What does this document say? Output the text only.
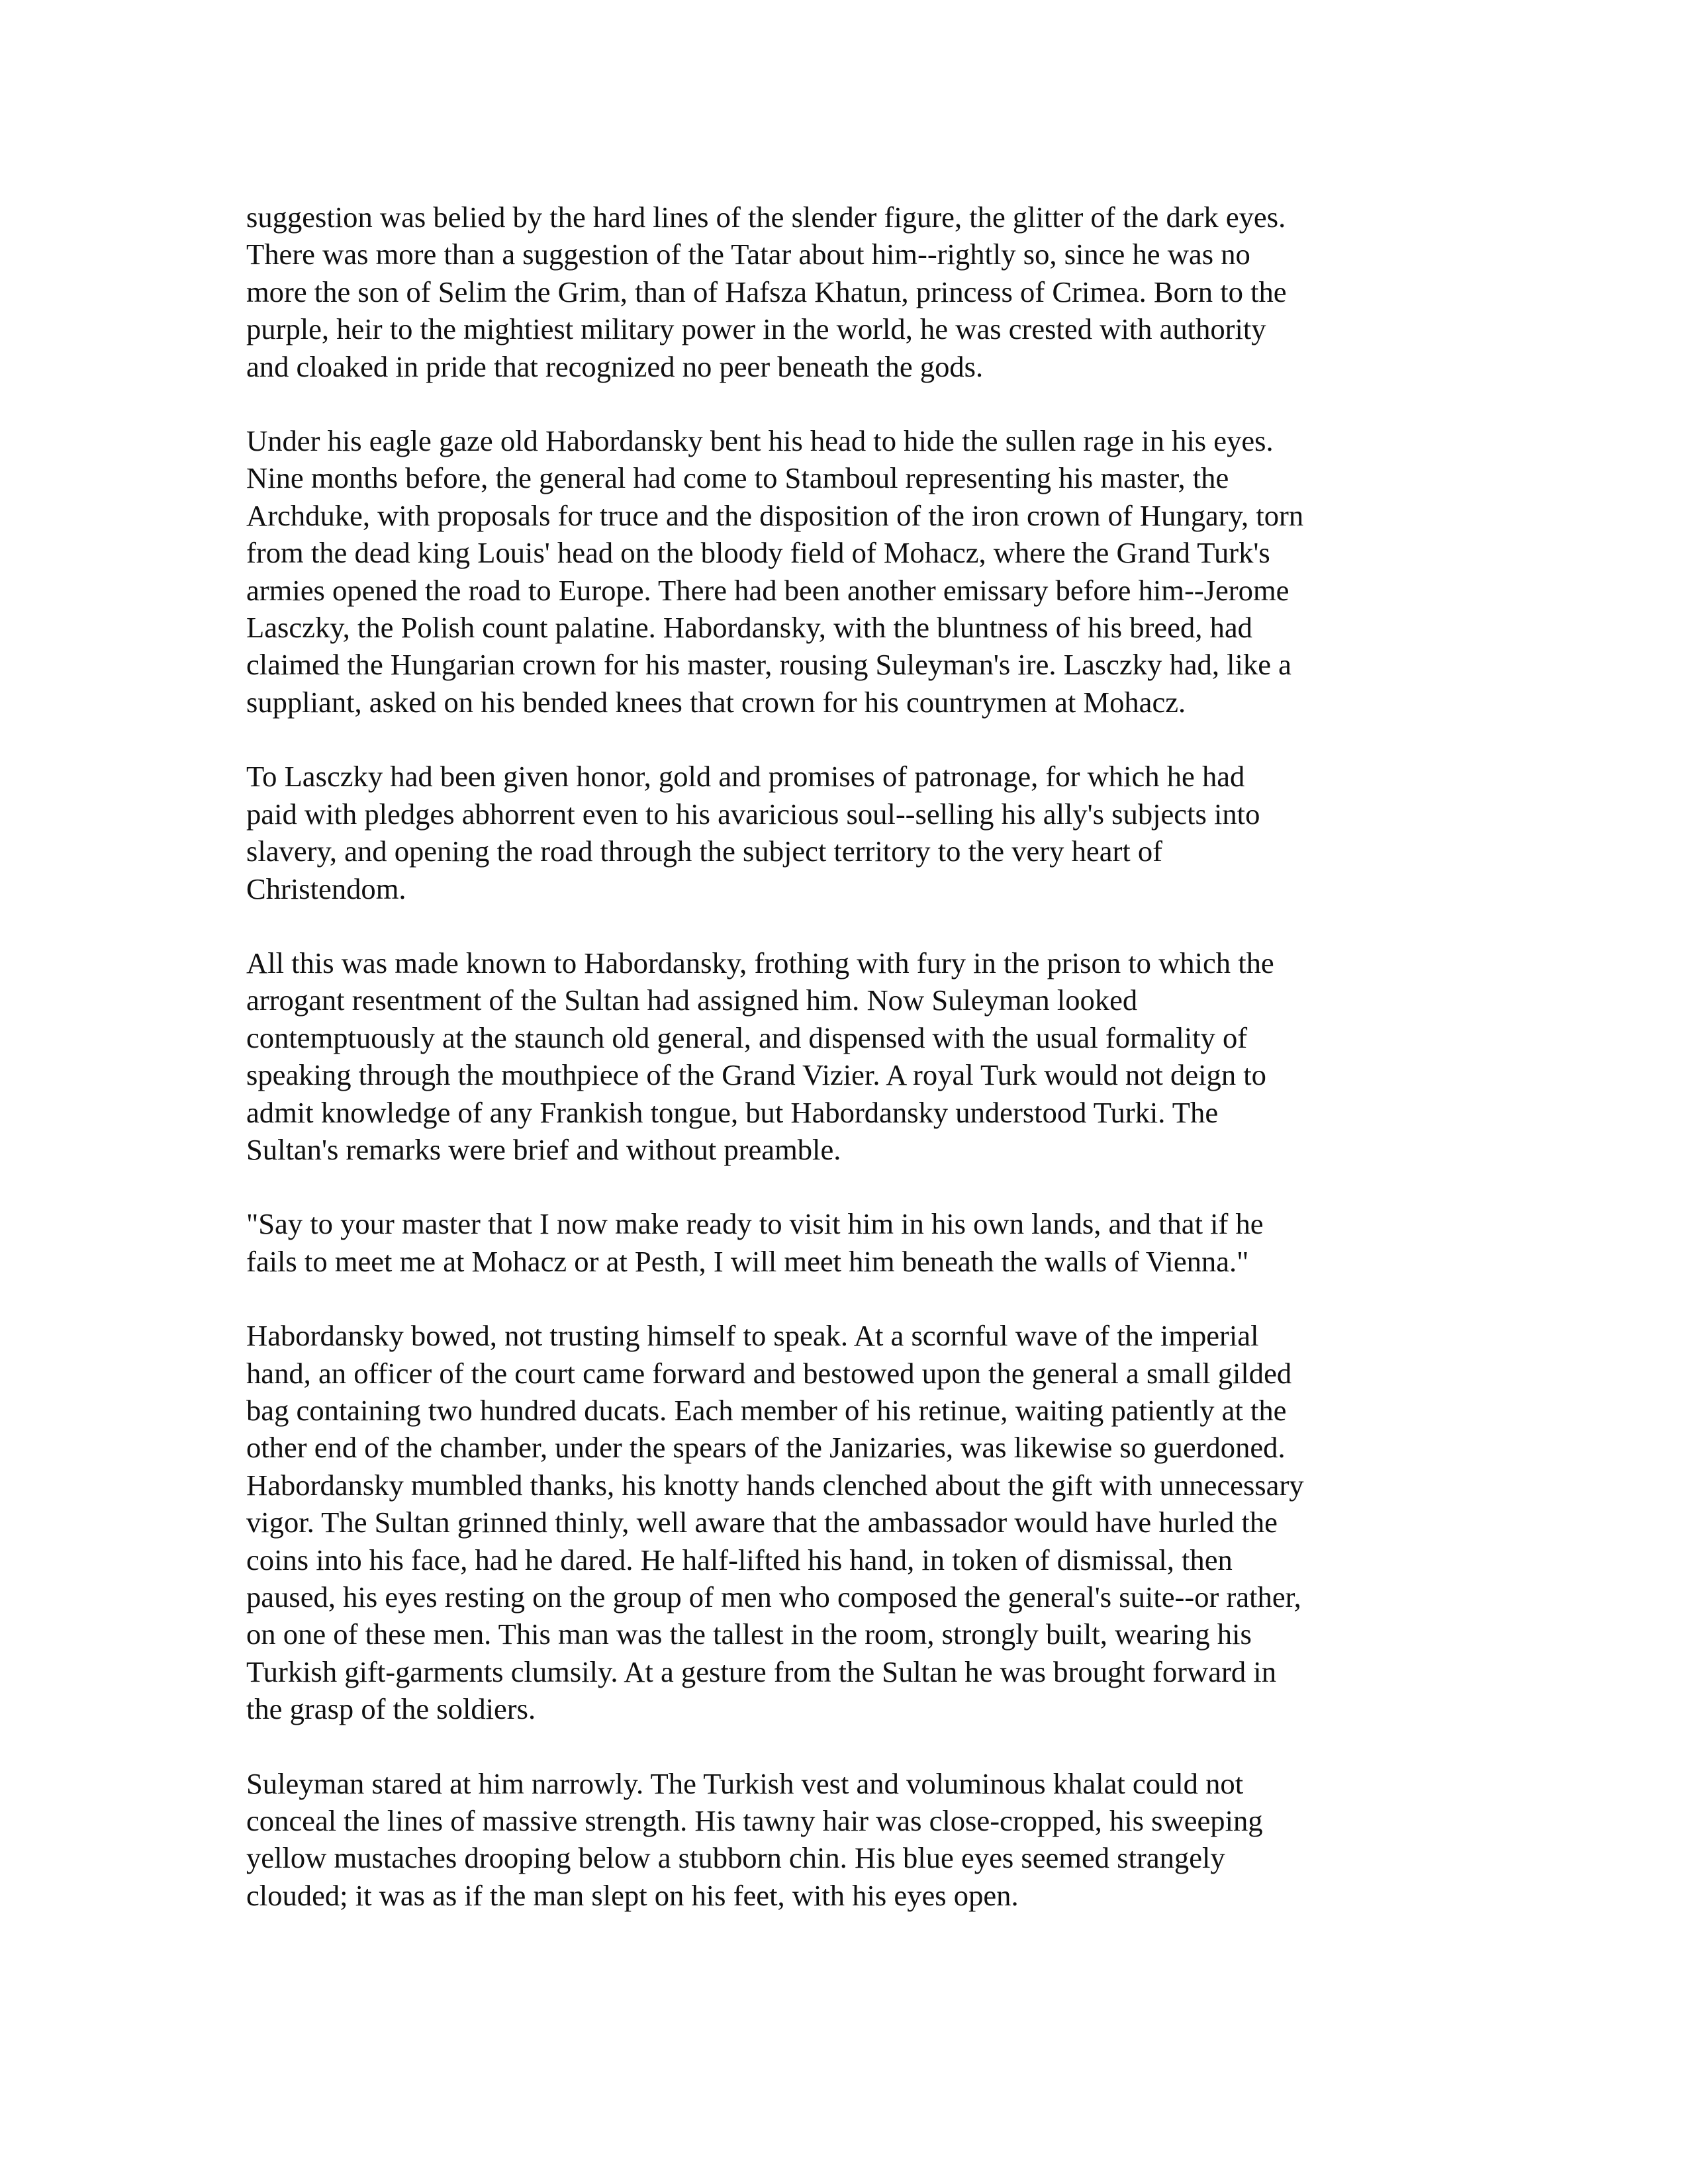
suggestion was belied by the hard lines of the slender figure, the glitter of the dark eyes.
There was more than a suggestion of the Tatar about him--rightly so, since he was no
more the son of Selim the Grim, than of Hafsza Khatun, princess of Crimea. Born to the
purple, heir to the mightiest military power in the world, he was crested with authority
and cloaked in pride that recognized no peer beneath the gods.

Under his eagle gaze old Habordansky bent his head to hide the sullen rage in his eyes.
Nine months before, the general had come to Stamboul representing his master, the
Archduke, with proposals for truce and the disposition of the iron crown of Hungary, torn
from the dead king Louis' head on the bloody field of Mohacz, where the Grand Turk's
armies opened the road to Europe. There had been another emissary before him--Jerome
Lasczky, the Polish count palatine. Habordansky, with the bluntness of his breed, had
claimed the Hungarian crown for his master, rousing Suleyman's ire. Lasczky had, like a
suppliant, asked on his bended knees that crown for his countrymen at Mohacz.

To Lasczky had been given honor, gold and promises of patronage, for which he had
paid with pledges abhorrent even to his avaricious soul--selling his ally's subjects into
slavery, and opening the road through the subject territory to the very heart of
Christendom.

All this was made known to Habordansky, frothing with fury in the prison to which the
arrogant resentment of the Sultan had assigned him. Now Suleyman looked
contemptuously at the staunch old general, and dispensed with the usual formality of
speaking through the mouthpiece of the Grand Vizier. A royal Turk would not deign to
admit knowledge of any Frankish tongue, but Habordansky understood Turki. The
Sultan's remarks were brief and without preamble.

"Say to your master that I now make ready to visit him in his own lands, and that if he
fails to meet me at Mohacz or at Pesth, I will meet him beneath the walls of Vienna."

Habordansky bowed, not trusting himself to speak. At a scornful wave of the imperial
hand, an officer of the court came forward and bestowed upon the general a small gilded
bag containing two hundred ducats. Each member of his retinue, waiting patiently at the
other end of the chamber, under the spears of the Janizaries, was likewise so guerdoned.
Habordansky mumbled thanks, his knotty hands clenched about the gift with unnecessary
vigor. The Sultan grinned thinly, well aware that the ambassador would have hurled the
coins into his face, had he dared. He half-lifted his hand, in token of dismissal, then
paused, his eyes resting on the group of men who composed the general's suite--or rather,
on one of these men. This man was the tallest in the room, strongly built, wearing his
Turkish gift-garments clumsily. At a gesture from the Sultan he was brought forward in
the grasp of the soldiers.

Suleyman stared at him narrowly. The Turkish vest and voluminous khalat could not
conceal the lines of massive strength. His tawny hair was close-cropped, his sweeping
yellow mustaches drooping below a stubborn chin. His blue eyes seemed strangely
clouded; it was as if the man slept on his feet, with his eyes open.
